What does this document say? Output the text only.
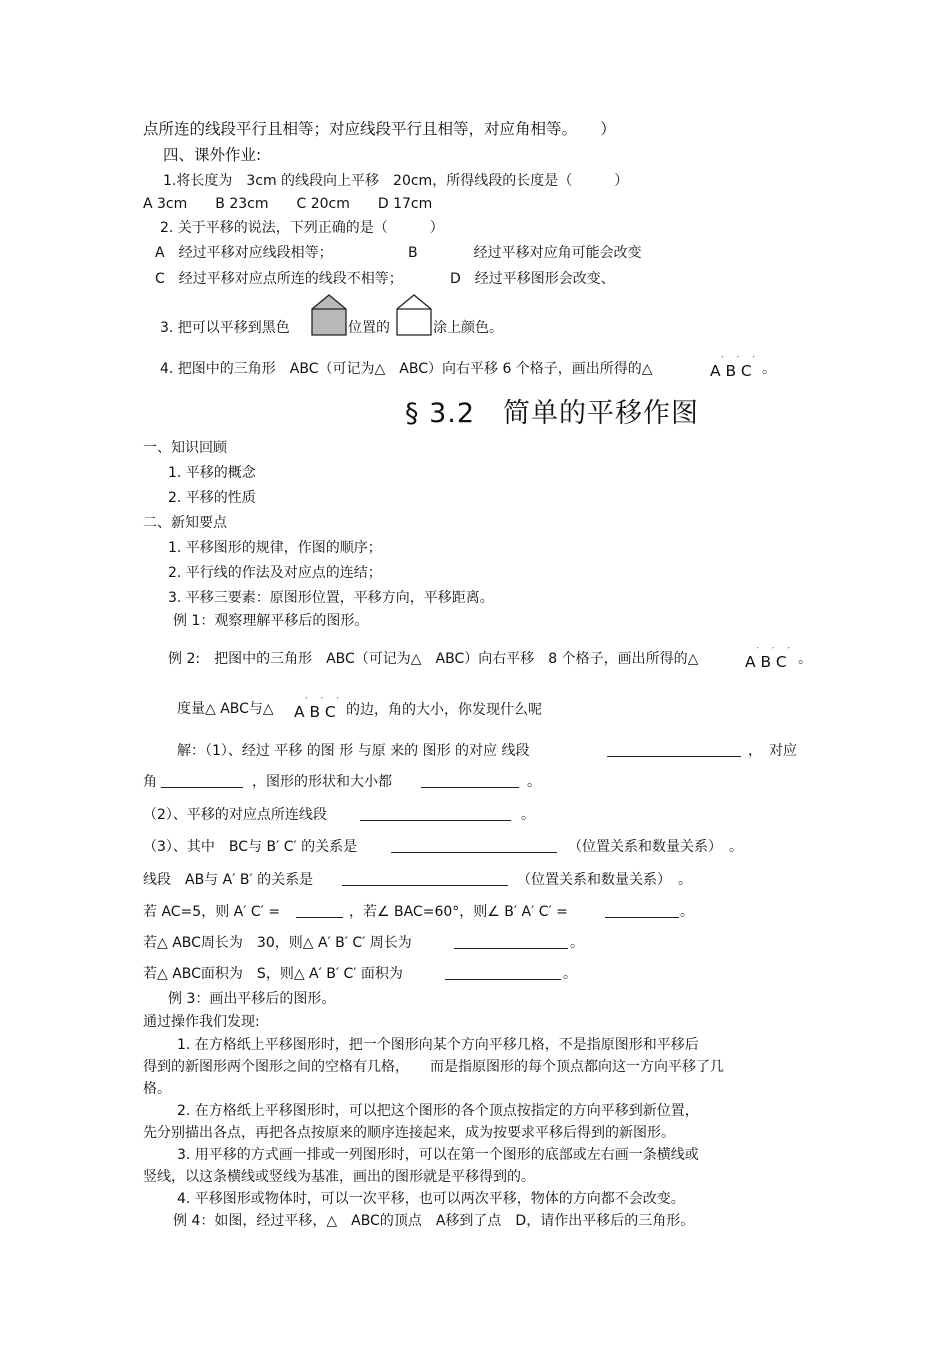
点所连的线段平行且相等；对应线段平行且相等，对应角相等。　　）
四、课外作业:
1.将长度为　3cm 的线段向上平移　20cm，所得线段的长度是（　　　）
A 3cm　　B 23cm　　C 20cm　　D 17cm
2. 关于平移的说法，下列正确的是（　　　）
A　经过平移对应线段相等；	B　　　　经过平移对应角可能会改变
C　经过平移对应点所连的线段不相等；	D　经过平移图形会改变、
3. 把可以平移到黑色	位置的	涂上颜色。
4. 把图中的三角形　ABC（可记为△　ABC）向右平移 6 个格子，画出所得的△	A′B′C′
。
§ 3.2　简单的平移作图
一、知识回顾
1. 平移的概念
2. 平移的性质
二、新知要点
1. 平移图形的规律，作图的顺序；
2. 平行线的作法及对应点的连结；
3. 平移三要素：原图形位置，平移方向，平移距离。
例 1：观察理解平移后的图形。
例 2:　把图中的三角形　ABC（可记为△　ABC）向右平移　8 个格子，画出所得的△	A′B′C′
。
度量△ ABC与△ A′B′C′
的边，角的大小，你发现什么呢
解：（1）、经过 平移 的图 形 与原 来的 图形 的对应 线段	，　对应
角	，图形的形状和大小都	。
（2）、平移的对应点所连线段	。
（3）、其中　BC与 B′ C′ 的关系是	（位置关系和数量关系）　。
线段　AB与 A′ B′ 的关系是	（位置关系和数量关系）　。
若 AC=5，则 A′ C′ =	，若∠ BAC=60°，则∠ B′ A′ C′ =	。
若△ ABC周长为　30，则△ A′ B′ C′ 周长为	。
若△ ABC面积为　S，则△ A′ B′ C′ 面积为	。
例 3：画出平移后的图形。
通过操作我们发现:
1. 在方格纸上平移图形时，把一个图形向某个方向平移几格，不是指原图形和平移后
得到的新图形两个图形之间的空格有几格，　　而是指原图形的每个顶点都向这一方向平移了几
格。
2. 在方格纸上平移图形时，可以把这个图形的各个顶点按指定的方向平移到新位置，
先分别描出各点，再把各点按原来的顺序连接起来，成为按要求平移后得到的新图形。
3. 用平移的方式画一排或一列图形时，可以在第一个图形的底部或左右画一条横线或
竖线，以这条横线或竖线为基准，画出的图形就是平移得到的。
4. 平移图形或物体时，可以一次平移，也可以两次平移，物体的方向都不会改变。
例 4：如图，经过平移，△　ABC的顶点　A移到了点　D，请作出平移后的三角形。
